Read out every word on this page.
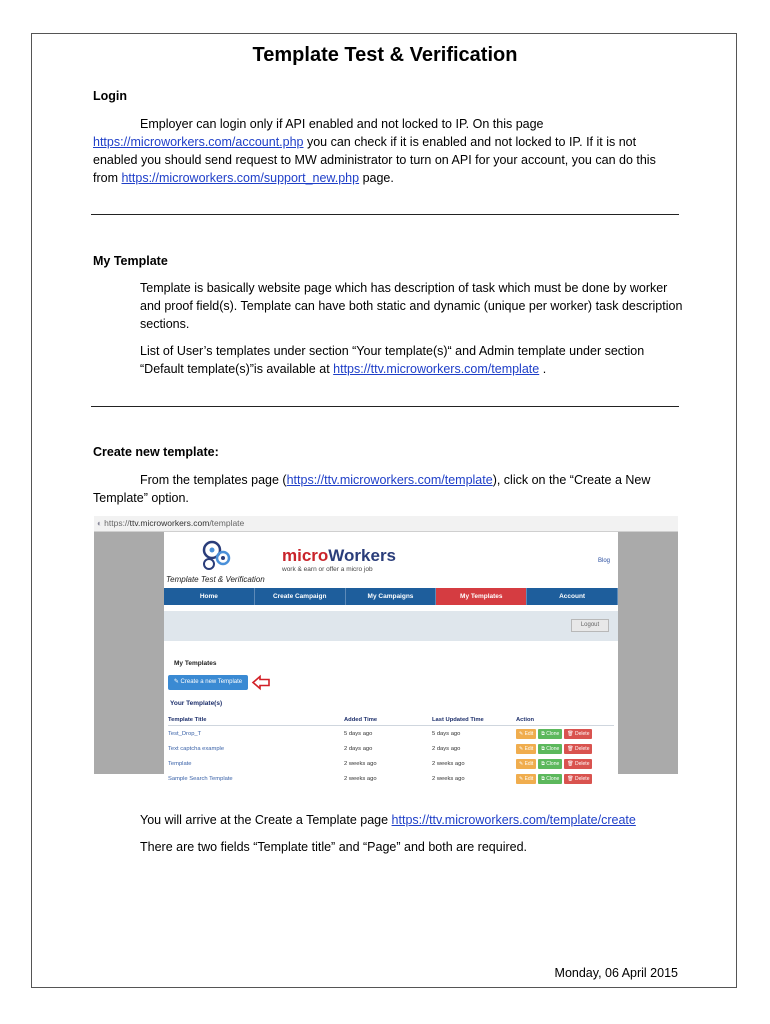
Template Test & Verification
Login

Employer can login only if API enabled and not locked to IP. On this page https://microworkers.com/account.php you can check if it is enabled and not locked to IP. If it is not enabled you should send request to MW administrator to turn on API for your account, you can do this from https://microworkers.com/support_new.php page.

My Template

Template is basically website page which has description of task which must be done by worker and proof field(s). Template can have both static and dynamic (unique per worker) task description sections.

List of User’s templates under section “Your template(s)“ and Admin template under section “Default template(s)”is available at https://ttv.microworkers.com/template .

Create new template:

From the templates page (https://ttv.microworkers.com/template), click on the “Create a New Template” option.

◐ https://ttv.microworkers.com/template
Template Test & Verification
microWorkers
work & earn or offer a micro job
Blog
Home	Create Campaign	My Campaigns	My Templates	Account
Logout
My Templates
✎ Create a new Template
Your Template(s)
Template Title	Added Time	Last Updated Time	Action
Test_Drop_T	5 days ago	5 days ago	✎ Edit	⧉ Clone	🗑 Delete
Text captcha example	2 days ago	2 days ago	✎ Edit	⧉ Clone	🗑 Delete
Template	2 weeks ago	2 weeks ago	✎ Edit	⧉ Clone	🗑 Delete
Sample Search Template	2 weeks ago	2 weeks ago	✎ Edit	⧉ Clone	🗑 Delete

You will arrive at the Create a Template page https://ttv.microworkers.com/template/create

There are two fields “Template title” and “Page” and both are required.

Monday, 06 April 2015
